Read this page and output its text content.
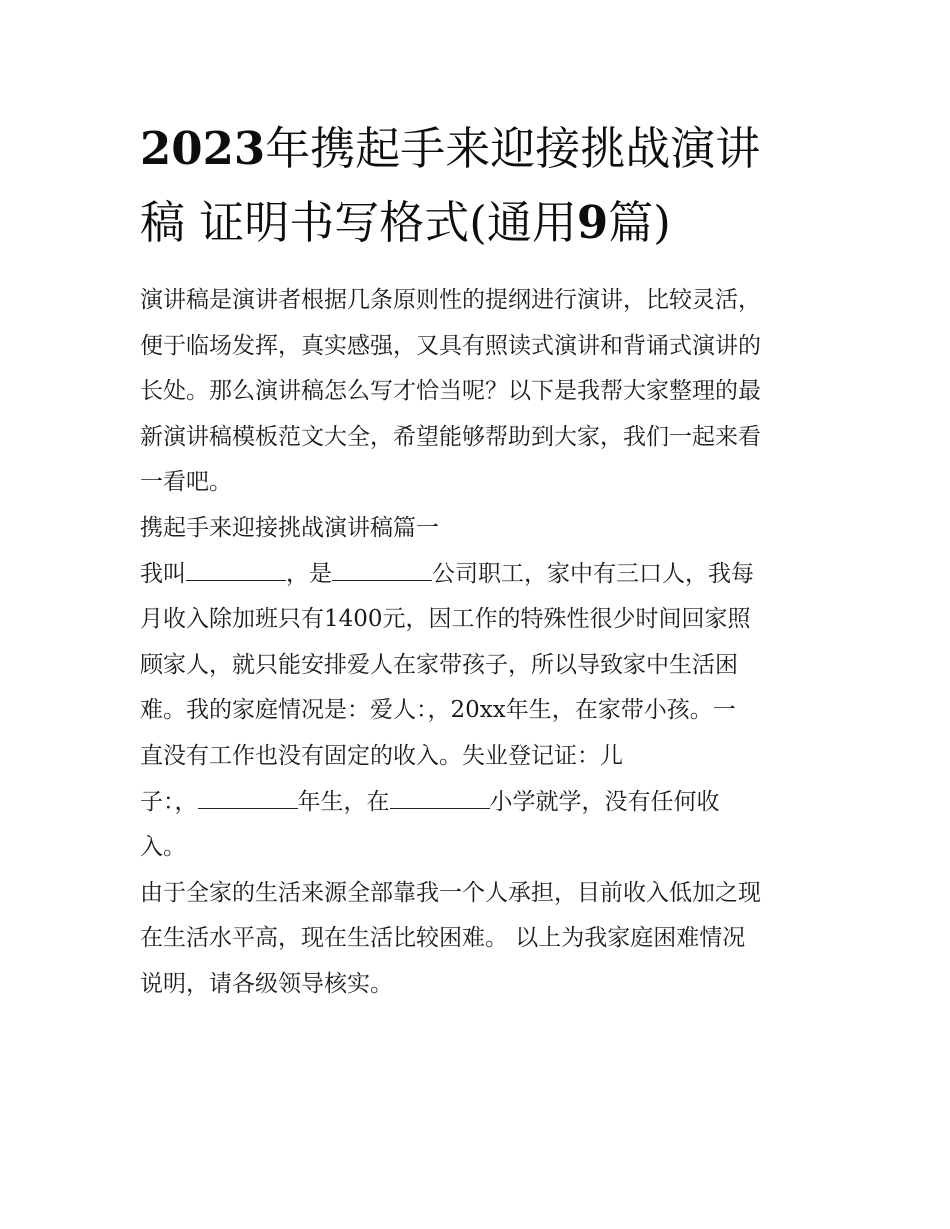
2023年携起手来迎接挑战演讲
稿 证明书写格式(通用9篇)

演讲稿是演讲者根据几条原则性的提纲进行演讲，比较灵活，
便于临场发挥，真实感强，又具有照读式演讲和背诵式演讲的
长处。那么演讲稿怎么写才恰当呢？以下是我帮大家整理的最
新演讲稿模板范文大全，希望能够帮助到大家，我们一起来看
一看吧。

携起手来迎接挑战演讲稿篇一

我叫	，是	公司职工，家中有三口人，我每
月收入除加班只有1400元，因工作的特殊性很少时间回家照
顾家人，就只能安排爱人在家带孩子，所以导致家中生活困
难。我的家庭情况是：爱人：，20xx年生，在家带小孩。一
直没有工作也没有固定的收入。失业登记证：儿
子：，	年生，在	小学就学，没有任何收
入。

由于全家的生活来源全部靠我一个人承担，目前收入低加之现
在生活水平高，现在生活比较困难。 以上为我家庭困难情况
说明，请各级领导核实。
